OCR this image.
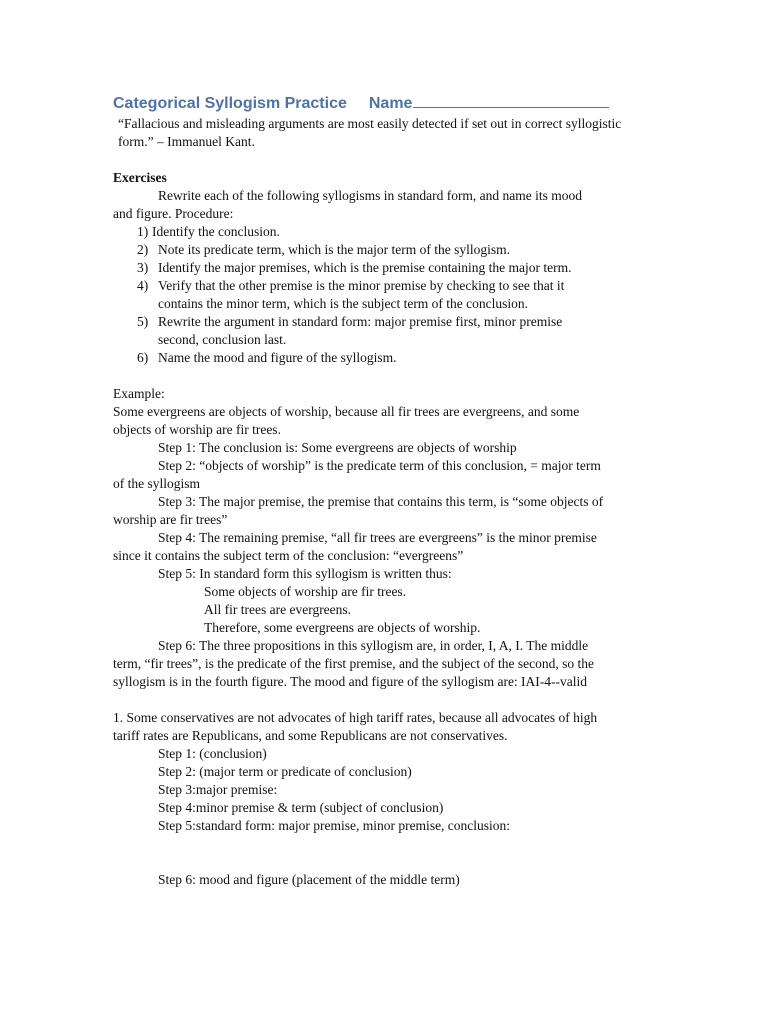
Categorical Syllogism Practice Name
“Fallacious and misleading arguments are most easily detected if set out in correct syllogistic form.” – Immanuel Kant.
Exercises
Rewrite each of the following syllogisms in standard form, and name its mood
and figure. Procedure:
1) Identify the conclusion.
2) Note its predicate term, which is the major term of the syllogism.
3) Identify the major premises, which is the premise containing the major term.
4) Verify that the other premise is the minor premise by checking to see that it
contains the minor term, which is the subject term of the conclusion.
5) Rewrite the argument in standard form: major premise first, minor premise
second, conclusion last.
6) Name the mood and figure of the syllogism.
Example:
Some evergreens are objects of worship, because all fir trees are evergreens, and some
objects of worship are fir trees.
Step 1: The conclusion is: Some evergreens are objects of worship
Step 2: “objects of worship” is the predicate term of this conclusion, = major term
of the syllogism
Step 3: The major premise, the premise that contains this term, is “some objects of
worship are fir trees”
Step 4: The remaining premise, “all fir trees are evergreens” is the minor premise
since it contains the subject term of the conclusion: “evergreens”
Step 5: In standard form this syllogism is written thus:
Some objects of worship are fir trees.
All fir trees are evergreens.
Therefore, some evergreens are objects of worship.
Step 6: The three propositions in this syllogism are, in order, I, A, I. The middle
term, “fir trees”, is the predicate of the first premise, and the subject of the second, so the
syllogism is in the fourth figure. The mood and figure of the syllogism are: IAI-4--valid
1. Some conservatives are not advocates of high tariff rates, because all advocates of high
tariff rates are Republicans, and some Republicans are not conservatives.
Step 1: (conclusion)
Step 2: (major term or predicate of conclusion)
Step 3:major premise:
Step 4:minor premise & term (subject of conclusion)
Step 5:standard form: major premise, minor premise, conclusion:
Step 6: mood and figure (placement of the middle term)
